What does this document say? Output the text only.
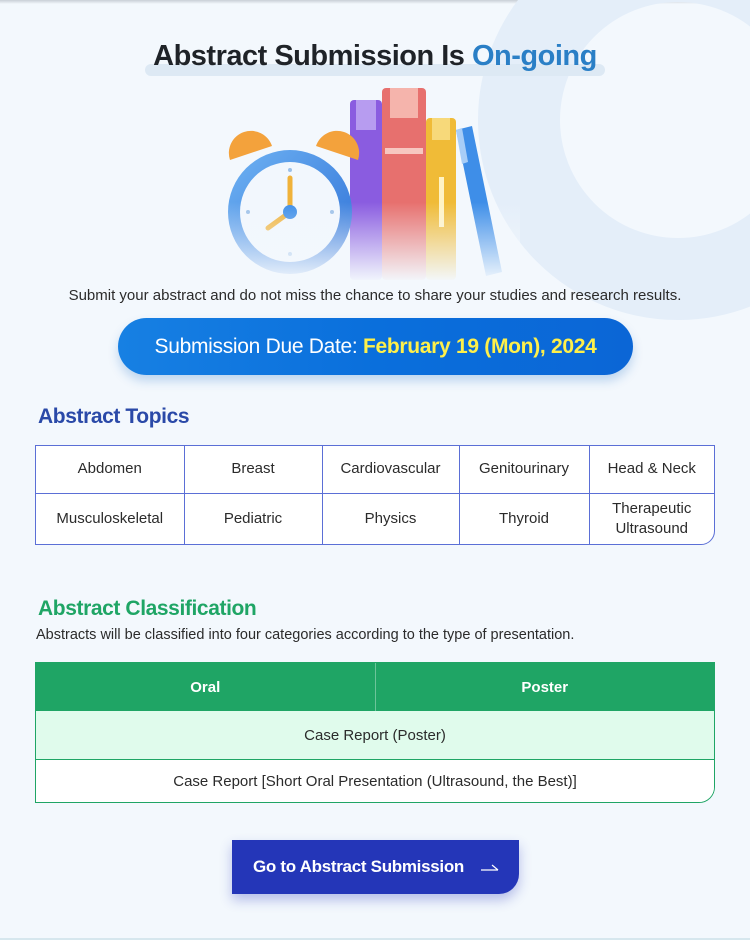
Abstract Submission Is On-going
Submit your abstract and do not miss the chance to share your studies and research results.
Submission Due Date: February 19 (Mon), 2024
Abstract Topics
Abdomen	Breast	Cardiovascular	Genitourinary	Head & Neck
Musculoskeletal	Pediatric	Physics	Thyroid	Therapeutic Ultrasound
Abstract Classification
Abstracts will be classified into four categories according to the type of presentation.
Oral	Poster
Case Report (Poster)
Case Report [Short Oral Presentation (Ultrasound, the Best)]
Go to Abstract Submission
